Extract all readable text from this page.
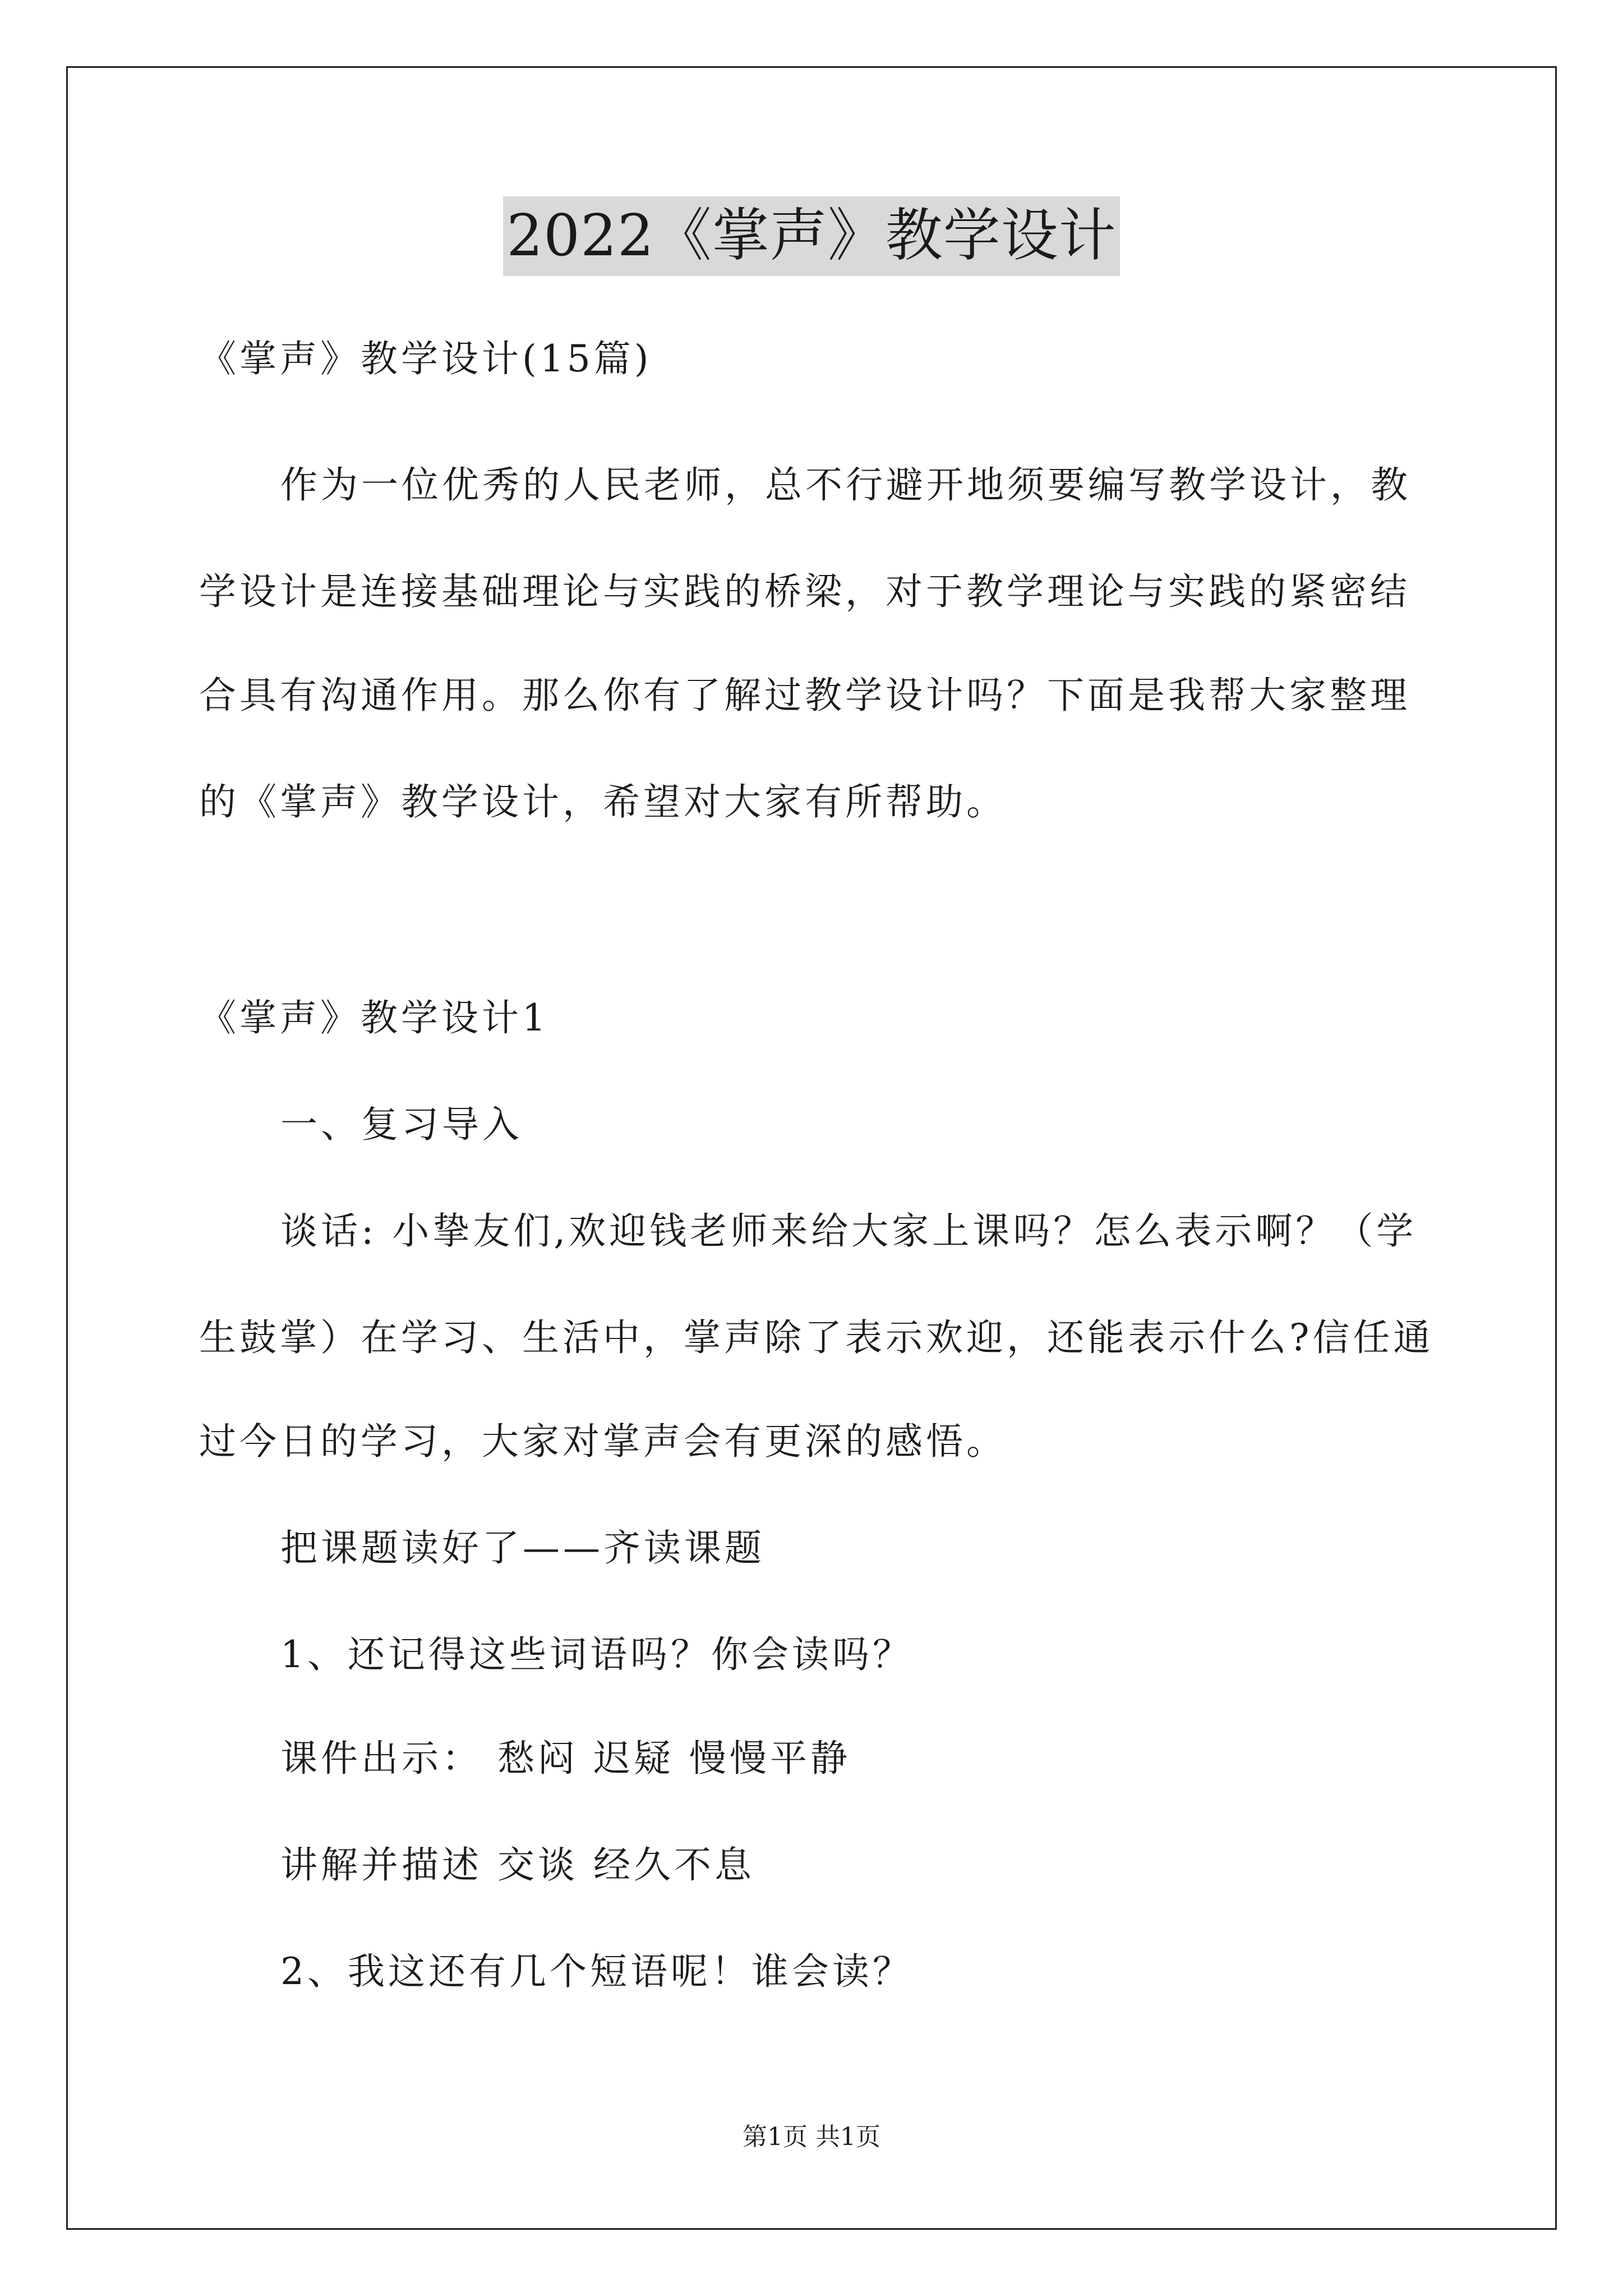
2022《掌声》教学设计
《掌声》教学设计(15篇)
作为一位优秀的人民老师，总不行避开地须要编写教学设计，教
学设计是连接基础理论与实践的桥梁，对于教学理论与实践的紧密结
合具有沟通作用。那么你有了解过教学设计吗？下面是我帮大家整理
的《掌声》教学设计，希望对大家有所帮助。
《掌声》教学设计1
一、复习导入
谈话: 小挚友们,欢迎钱老师来给大家上课吗？怎么表示啊？（学
生鼓掌）在学习、生活中，掌声除了表示欢迎，还能表示什么?信任通
过今日的学习，大家对掌声会有更深的感悟。
把课题读好了——齐读课题
1、还记得这些词语吗？你会读吗？
课件出示： 愁闷 迟疑 慢慢平静
讲解并描述 交谈 经久不息
2、我这还有几个短语呢！谁会读？
第1页 共1页
